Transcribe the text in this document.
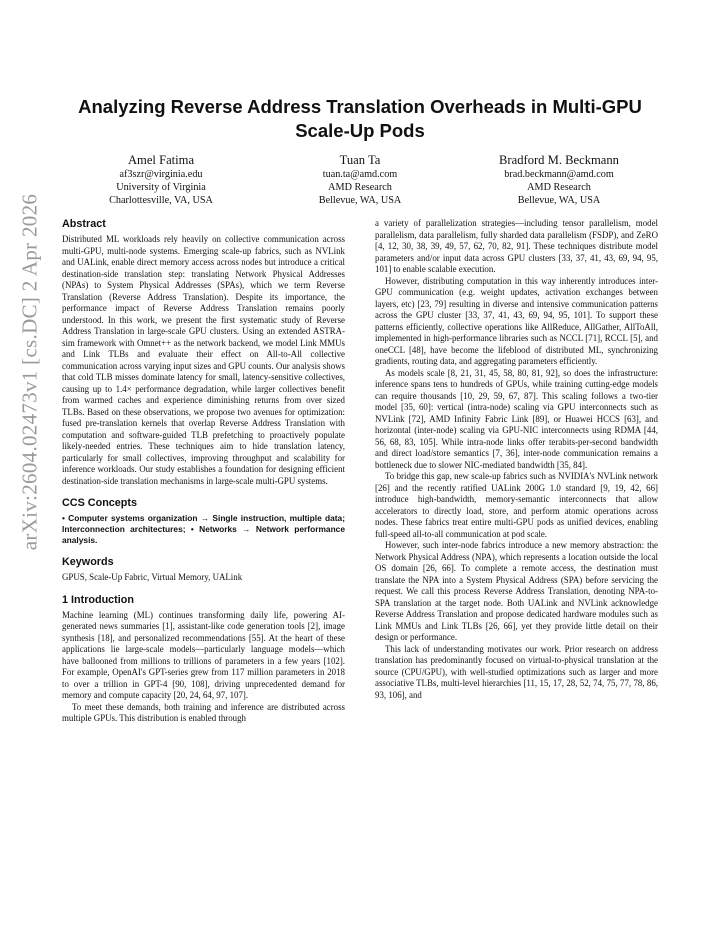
arXiv:2604.02473v1 [cs.DC] 2 Apr 2026
Analyzing Reverse Address Translation Overheads in Multi-GPU Scale-Up Pods
Amel Fatima
af3szr@virginia.edu
University of Virginia
Charlottesville, VA, USA
Tuan Ta
tuan.ta@amd.com
AMD Research
Bellevue, WA, USA
Bradford M. Beckmann
brad.beckmann@amd.com
AMD Research
Bellevue, WA, USA
Abstract

Distributed ML workloads rely heavily on collective communication across multi-GPU, multi-node systems. Emerging scale-up fabrics, such as NVLink and UALink, enable direct memory access across nodes but introduce a critical destination-side translation step: translating Network Physical Addresses (NPAs) to System Physical Addresses (SPAs), which we term Reverse Translation (Reverse Address Translation). Despite its importance, the performance impact of Reverse Address Translation remains poorly understood. In this work, we present the first systematic study of Reverse Address Translation in large-scale GPU clusters. Using an extended ASTRA-sim framework with Omnet++ as the network backend, we model Link MMUs and Link TLBs and evaluate their effect on All-to-All collective communication across varying input sizes and GPU counts. Our analysis shows that cold TLB misses dominate latency for small, latency-sensitive collectives, causing up to 1.4× performance degradation, while larger collectives benefit from warmed caches and experience diminishing returns from over sized TLBs. Based on these observations, we propose two avenues for optimization: fused pre-translation kernels that overlap Reverse Address Translation with computation and software-guided TLB prefetching to proactively populate likely-needed entries. These techniques aim to hide translation latency, particularly for small collectives, improving throughput and scalability for inference workloads. Our study establishes a foundation for designing efficient destination-side translation mechanisms in large-scale multi-GPU systems.

CCS Concepts

• Computer systems organization → Single instruction, multiple data; Interconnection architectures; • Networks → Network performance analysis.

Keywords

GPUS, Scale-Up Fabric, Virtual Memory, UALink

1 Introduction

Machine learning (ML) continues transforming daily life, powering AI-generated news summaries [1], assistant-like code generation tools [2], image synthesis [18], and personalized recommendations [55]. At the heart of these applications lie large-scale models—particularly language models—which have ballooned from millions to trillions of parameters in a few years [102]. For example, OpenAI's GPT-series grew from 117 million parameters in 2018 to over a trillion in GPT-4 [90, 108], driving unprecedented demand for memory and compute capacity [20, 24, 64, 97, 107].

To meet these demands, both training and inference are distributed across multiple GPUs. This distribution is enabled through

a variety of parallelization strategies—including tensor parallelism, model parallelism, data parallelism, fully sharded data parallelism (FSDP), and ZeRO [4, 12, 30, 38, 39, 49, 57, 62, 70, 82, 91]. These techniques distribute model parameters and/or input data across GPU clusters [33, 37, 41, 43, 69, 94, 95, 101] to enable scalable execution.

However, distributing computation in this way inherently introduces inter-GPU communication (e.g. weight updates, activation exchanges between layers, etc) [23, 79] resulting in diverse and intensive communication patterns across the GPU cluster [33, 37, 41, 43, 69, 94, 95, 101]. To support these patterns efficiently, collective operations like AllReduce, AllGather, AllToAll, implemented in high-performance libraries such as NCCL [71], RCCL [5], and oneCCL [48], have become the lifeblood of distributed ML, synchronizing gradients, routing data, and aggregating parameters efficiently.

As models scale [8, 21, 31, 45, 58, 80, 81, 92], so does the infrastructure: inference spans tens to hundreds of GPUs, while training cutting-edge models can require thousands [10, 29, 59, 67, 87]. This scaling follows a two-tier model [35, 60]: vertical (intra-node) scaling via GPU interconnects such as NVLink [72], AMD Infinity Fabric Link [89], or Huawei HCCS [63], and horizontal (inter-node) scaling via GPU-NIC interconnects using RDMA [44, 56, 68, 83, 105]. While intra-node links offer terabits-per-second bandwidth and direct load/store semantics [7, 36], inter-node communication remains a bottleneck due to slower NIC-mediated bandwidth [35, 84].

To bridge this gap, new scale-up fabrics such as NVIDIA's NVLink network [26] and the recently ratified UALink 200G 1.0 standard [9, 19, 42, 66] introduce high-bandwidth, memory-semantic interconnects that allow accelerators to directly load, store, and perform atomic operations across nodes. These fabrics treat entire multi-GPU pods as unified devices, enabling full-speed all-to-all communication at pod scale.

However, such inter-node fabrics introduce a new memory abstraction: the Network Physical Address (NPA), which represents a location outside the local OS domain [26, 66]. To complete a remote access, the destination must translate the NPA into a System Physical Address (SPA) before servicing the request. We call this process Reverse Address Translation, denoting NPA-to-SPA translation at the target node. Both UALink and NVLink acknowledge Reverse Address Translation and propose dedicated hardware modules such as Link MMUs and Link TLBs [26, 66], yet they provide little detail on their design or performance.

This lack of understanding motivates our work. Prior research on address translation has predominantly focused on virtual-to-physical translation at the source (CPU/GPU), with well-studied optimizations such as larger and more associative TLBs, multi-level hierarchies [11, 15, 17, 28, 52, 74, 75, 77, 78, 86, 93, 106], and
